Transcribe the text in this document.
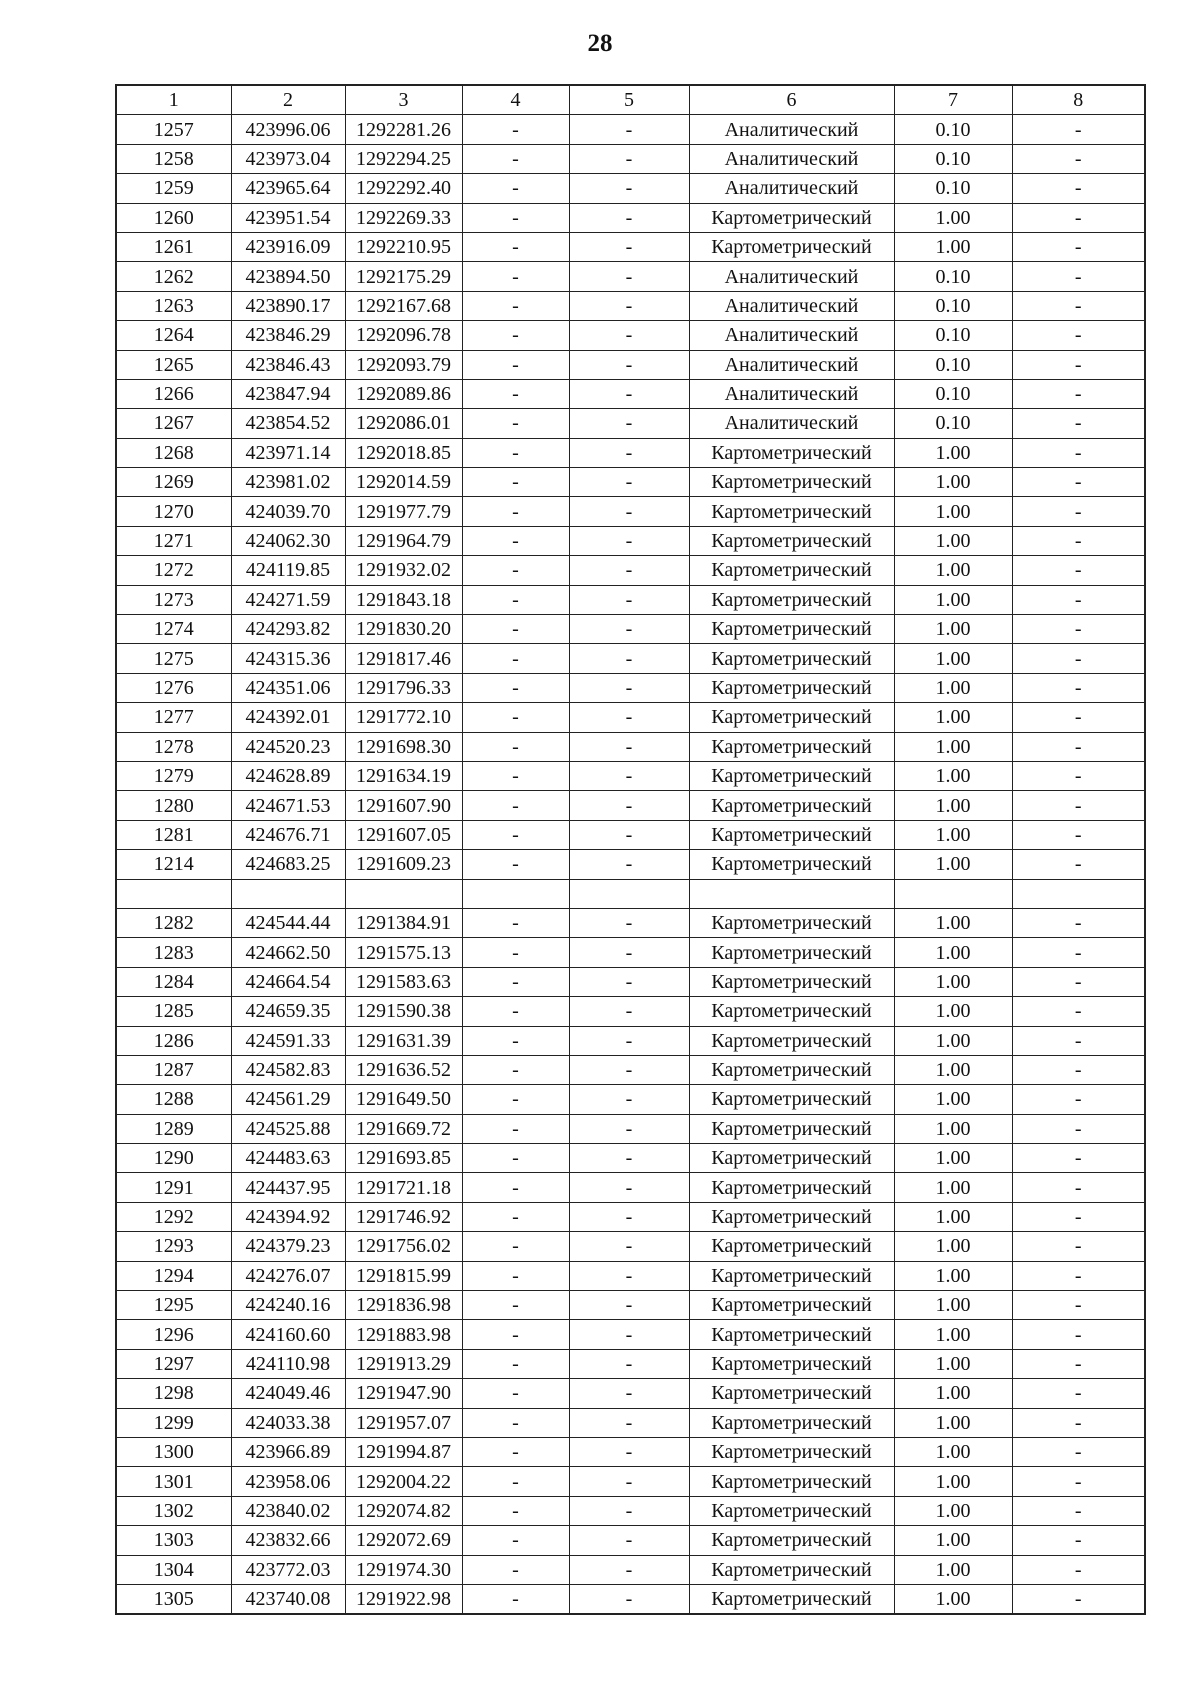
28
1	2	3	4	5	6	7	8
1257	423996.06	1292281.26	-	-	Аналитический	0.10	-
1258	423973.04	1292294.25	-	-	Аналитический	0.10	-
1259	423965.64	1292292.40	-	-	Аналитический	0.10	-
1260	423951.54	1292269.33	-	-	Картометрический	1.00	-
1261	423916.09	1292210.95	-	-	Картометрический	1.00	-
1262	423894.50	1292175.29	-	-	Аналитический	0.10	-
1263	423890.17	1292167.68	-	-	Аналитический	0.10	-
1264	423846.29	1292096.78	-	-	Аналитический	0.10	-
1265	423846.43	1292093.79	-	-	Аналитический	0.10	-
1266	423847.94	1292089.86	-	-	Аналитический	0.10	-
1267	423854.52	1292086.01	-	-	Аналитический	0.10	-
1268	423971.14	1292018.85	-	-	Картометрический	1.00	-
1269	423981.02	1292014.59	-	-	Картометрический	1.00	-
1270	424039.70	1291977.79	-	-	Картометрический	1.00	-
1271	424062.30	1291964.79	-	-	Картометрический	1.00	-
1272	424119.85	1291932.02	-	-	Картометрический	1.00	-
1273	424271.59	1291843.18	-	-	Картометрический	1.00	-
1274	424293.82	1291830.20	-	-	Картометрический	1.00	-
1275	424315.36	1291817.46	-	-	Картометрический	1.00	-
1276	424351.06	1291796.33	-	-	Картометрический	1.00	-
1277	424392.01	1291772.10	-	-	Картометрический	1.00	-
1278	424520.23	1291698.30	-	-	Картометрический	1.00	-
1279	424628.89	1291634.19	-	-	Картометрический	1.00	-
1280	424671.53	1291607.90	-	-	Картометрический	1.00	-
1281	424676.71	1291607.05	-	-	Картометрический	1.00	-
1214	424683.25	1291609.23	-	-	Картометрический	1.00	-

1282	424544.44	1291384.91	-	-	Картометрический	1.00	-
1283	424662.50	1291575.13	-	-	Картометрический	1.00	-
1284	424664.54	1291583.63	-	-	Картометрический	1.00	-
1285	424659.35	1291590.38	-	-	Картометрический	1.00	-
1286	424591.33	1291631.39	-	-	Картометрический	1.00	-
1287	424582.83	1291636.52	-	-	Картометрический	1.00	-
1288	424561.29	1291649.50	-	-	Картометрический	1.00	-
1289	424525.88	1291669.72	-	-	Картометрический	1.00	-
1290	424483.63	1291693.85	-	-	Картометрический	1.00	-
1291	424437.95	1291721.18	-	-	Картометрический	1.00	-
1292	424394.92	1291746.92	-	-	Картометрический	1.00	-
1293	424379.23	1291756.02	-	-	Картометрический	1.00	-
1294	424276.07	1291815.99	-	-	Картометрический	1.00	-
1295	424240.16	1291836.98	-	-	Картометрический	1.00	-
1296	424160.60	1291883.98	-	-	Картометрический	1.00	-
1297	424110.98	1291913.29	-	-	Картометрический	1.00	-
1298	424049.46	1291947.90	-	-	Картометрический	1.00	-
1299	424033.38	1291957.07	-	-	Картометрический	1.00	-
1300	423966.89	1291994.87	-	-	Картометрический	1.00	-
1301	423958.06	1292004.22	-	-	Картометрический	1.00	-
1302	423840.02	1292074.82	-	-	Картометрический	1.00	-
1303	423832.66	1292072.69	-	-	Картометрический	1.00	-
1304	423772.03	1291974.30	-	-	Картометрический	1.00	-
1305	423740.08	1291922.98	-	-	Картометрический	1.00	-
